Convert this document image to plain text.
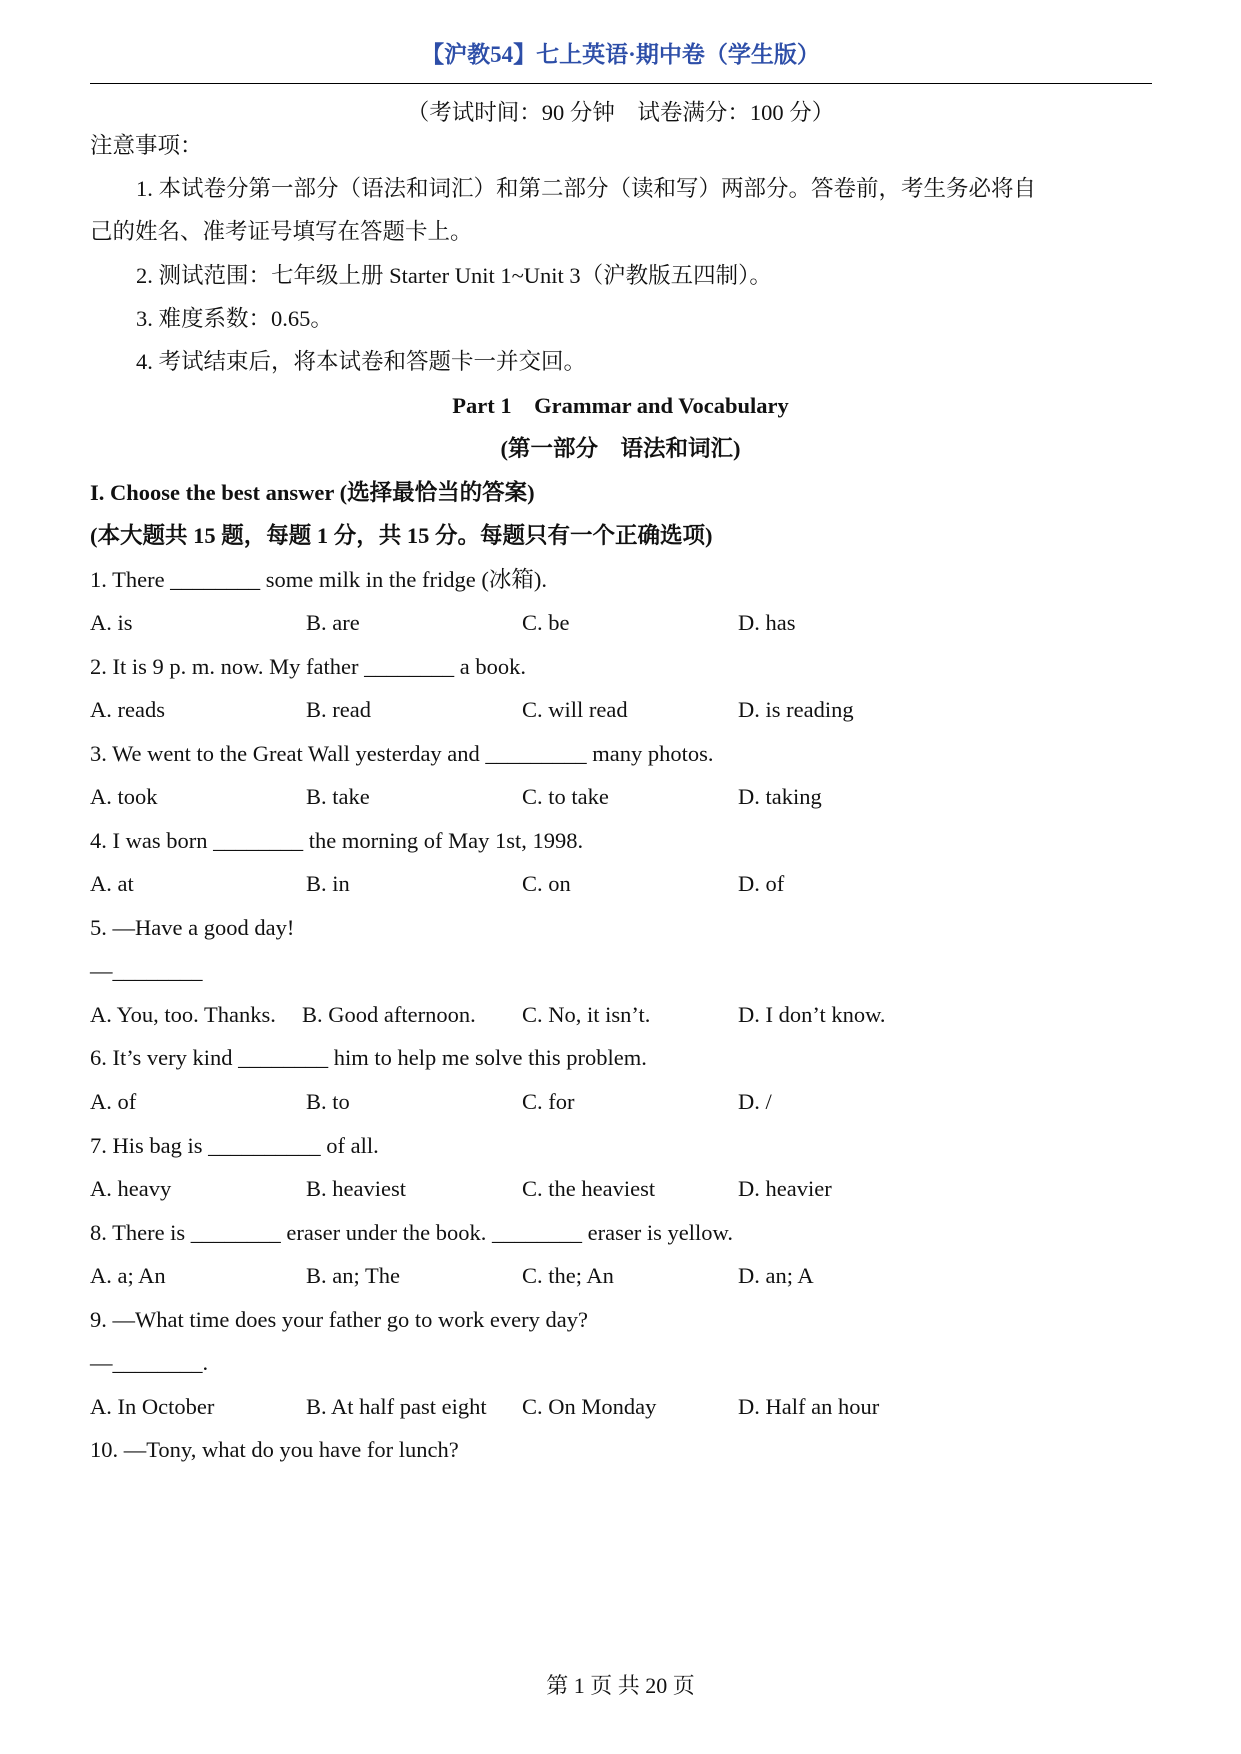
【沪教54】七上英语·期中卷（学生版）
（考试时间：90 分钟　试卷满分：100 分）
注意事项：
1. 本试卷分第一部分（语法和词汇）和第二部分（读和写）两部分。答卷前，考生务必将自
己的姓名、准考证号填写在答题卡上。
2. 测试范围：七年级上册 Starter Unit 1~Unit 3（沪教版五四制）。
3. 难度系数：0.65。
4. 考试结束后，将本试卷和答题卡一并交回。
Part 1　Grammar and Vocabulary
(第一部分　语法和词汇)
I. Choose the best answer (选择最恰当的答案)
(本大题共 15 题，每题 1 分，共 15 分。每题只有一个正确选项)
1. There ________ some milk in the fridge (冰箱).
A. is	B. are	C. be	D. has
2. It is 9 p. m. now. My father ________ a book.
A. reads	B. read	C. will read	D. is reading
3. We went to the Great Wall yesterday and _________ many photos.
A. took	B. take	C. to take	D. taking
4. I was born ________ the morning of May 1st, 1998.
A. at	B. in	C. on	D. of
5. —Have a good day!
—________
A. You, too. Thanks. B. Good afternoon. C. No, it isn’t.	D. I don’t know.
6. It’s very kind ________ him to help me solve this problem.
A. of	B. to	C. for	D. /
7. His bag is __________ of all.
A. heavy	B. heaviest	C. the heaviest	D. heavier
8. There is ________ eraser under the book. ________ eraser is yellow.
A. a; An	B. an; The	C. the; An	D. an; A
9. —What time does your father go to work every day?
—________.
A. In October	B. At half past eight C. On Monday	D. Half an hour
10. —Tony, what do you have for lunch?
第 1 页 共 20 页
